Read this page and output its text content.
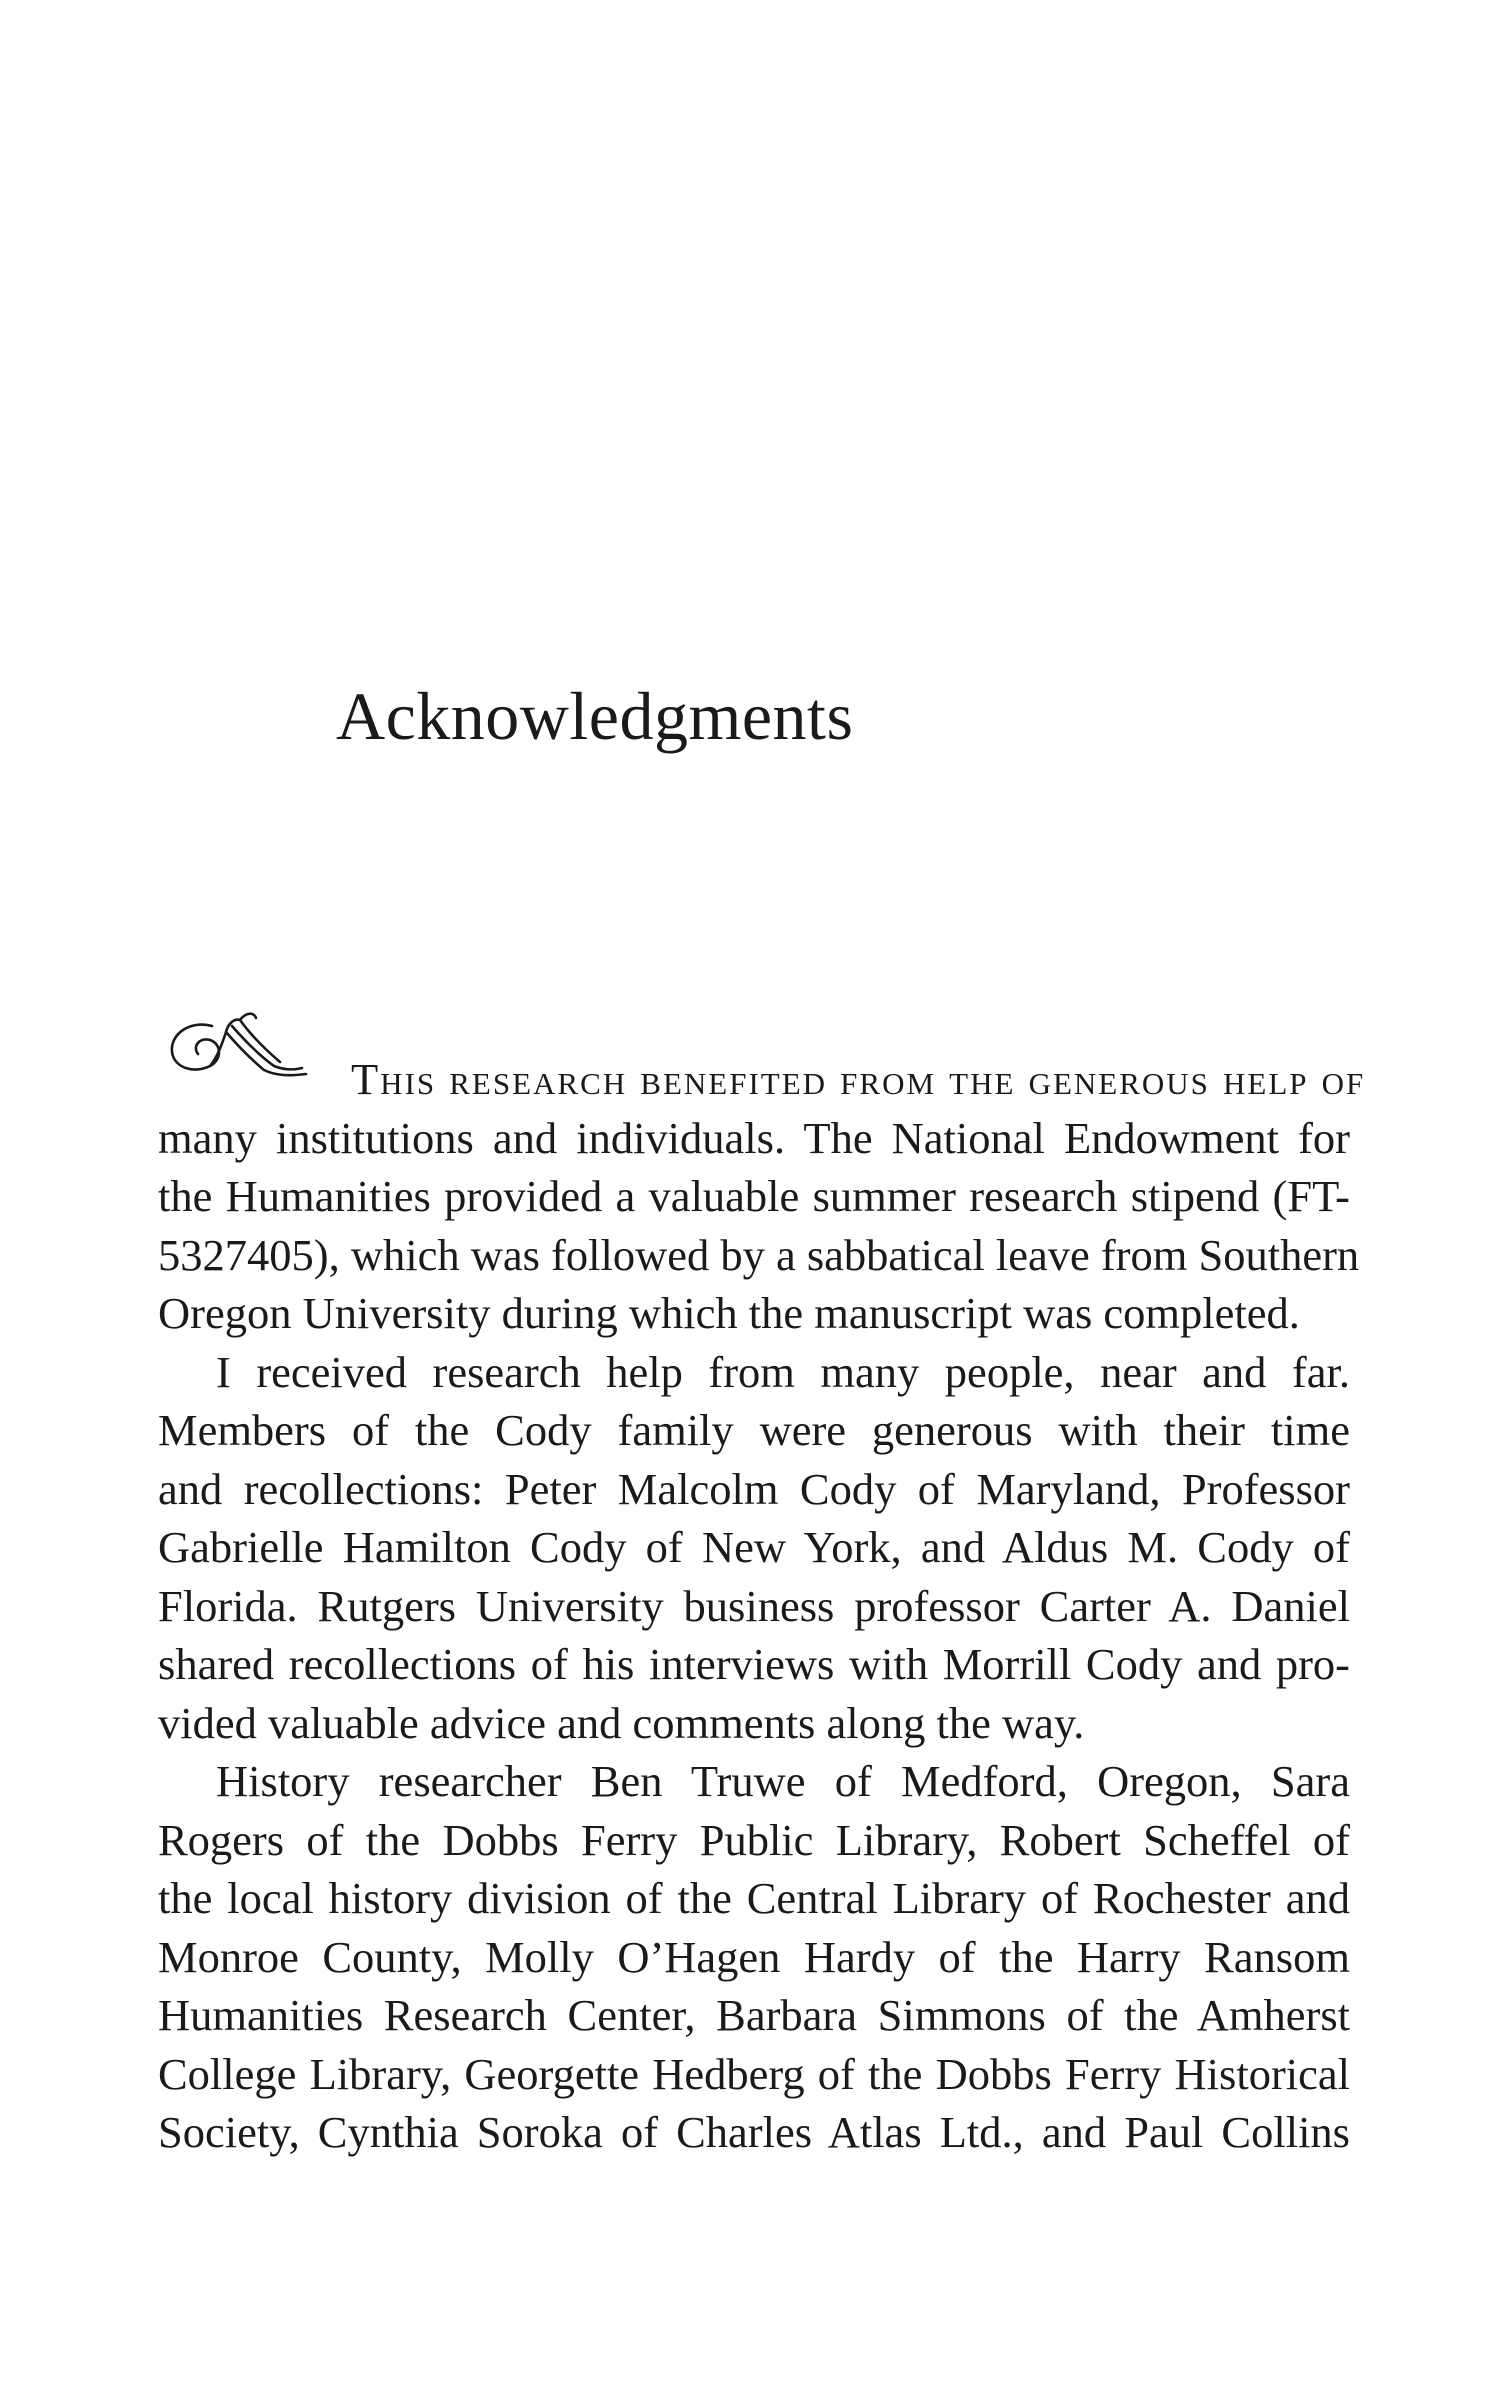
Acknowledgments
This research benefited from the generous help of
many institutions and individuals. The National Endowment for
the Humanities provided a valuable summer research stipend (FT-
5327405), which was followed by a sabbatical leave from Southern
Oregon University during which the manuscript was completed.
I received research help from many people, near and far.
Members of the Cody family were generous with their time
and recollections: Peter Malcolm Cody of Maryland, Professor
Gabrielle Hamilton Cody of New York, and Aldus M. Cody of
Florida. Rutgers University business professor Carter A. Daniel
shared recollections of his interviews with Morrill Cody and pro-
vided valuable advice and comments along the way.
History researcher Ben Truwe of Medford, Oregon, Sara
Rogers of the Dobbs Ferry Public Library, Robert Scheffel of
the local history division of the Central Library of Rochester and
Monroe County, Molly O’Hagen Hardy of the Harry Ransom
Humanities Research Center, Barbara Simmons of the Amherst
College Library, Georgette Hedberg of the Dobbs Ferry Historical
Society, Cynthia Soroka of Charles Atlas Ltd., and Paul Collins
